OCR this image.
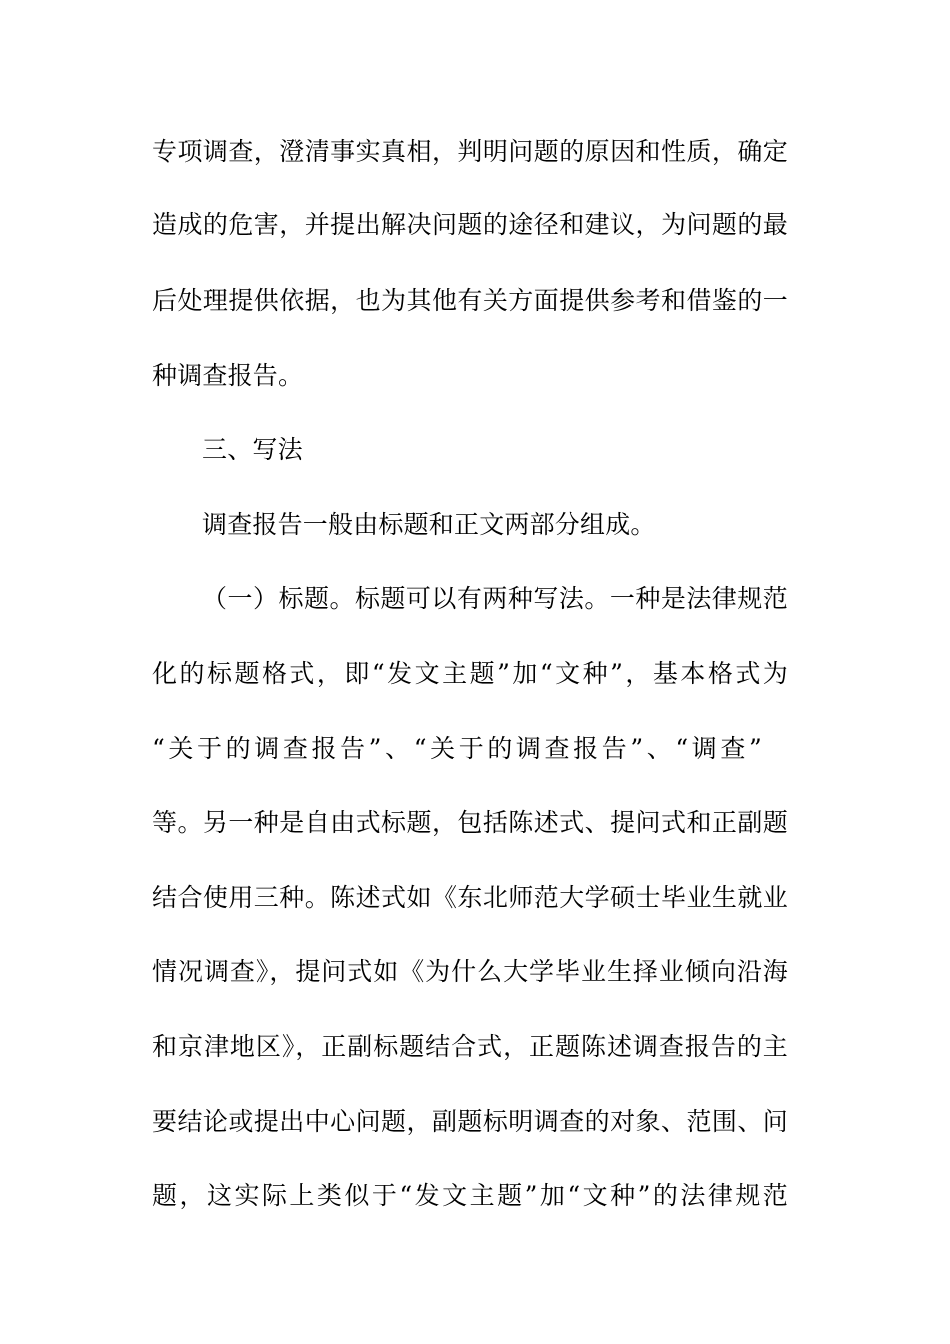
专项调查，澄清事实真相，判明问题的原因和性质，确定
造成的危害，并提出解决问题的途径和建议，为问题的最
后处理提供依据，也为其他有关方面提供参考和借鉴的一
种调查报告。
三、写法
调查报告一般由标题和正文两部分组成。
（一）标题。标题可以有两种写法。一种是法律规范
化的标题格式，即“发文主题”加“文种”，基本格式为
“关于的调查报告”、“关于的调查报告”、“调查”
等。另一种是自由式标题，包括陈述式、提问式和正副题
结合使用三种。陈述式如《东北师范大学硕士毕业生就业
情况调查》，提问式如《为什么大学毕业生择业倾向沿海
和京津地区》，正副标题结合式，正题陈述调查报告的主
要结论或提出中心问题，副题标明调查的对象、范围、问
题，这实际上类似于“发文主题”加“文种”的法律规范
